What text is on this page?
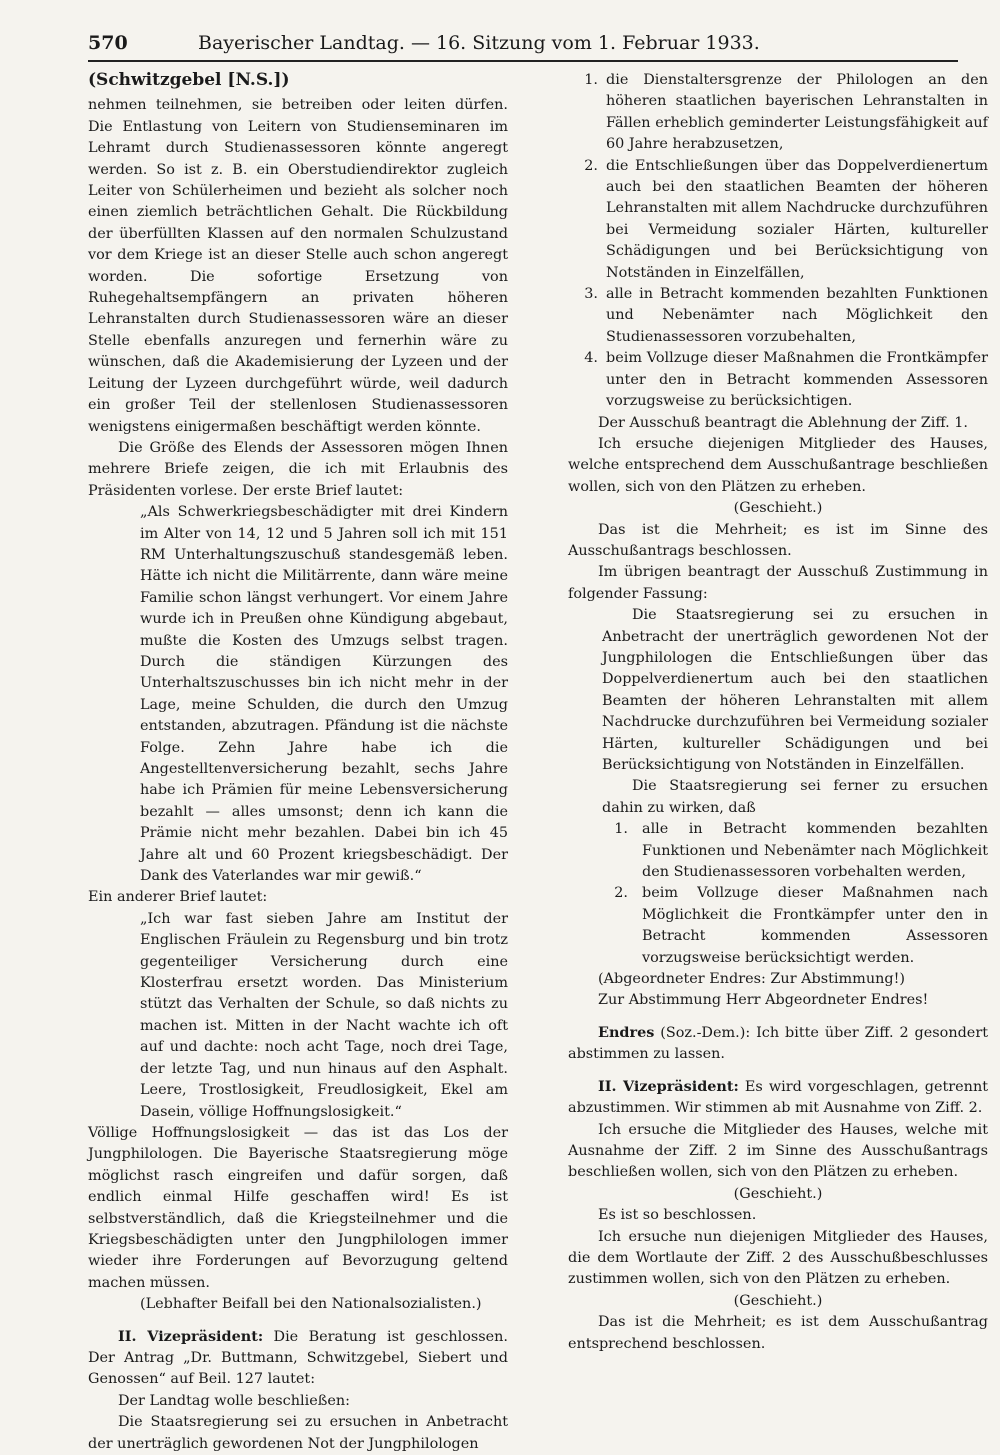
570	Bayerischer Landtag. — 16. Sitzung vom 1. Februar 1933.
(Schwitzgebel [N.S.])

nehmen teilnehmen, sie betreiben oder leiten dürfen. Die Entlastung von Leitern von Studienseminaren im Lehramt durch Studienassessoren könnte angeregt werden. So ist z. B. ein Oberstudiendirektor zugleich Leiter von Schülerheimen und bezieht als solcher noch einen ziemlich beträchtlichen Gehalt. Die Rückbildung der überfüllten Klassen auf den normalen Schulzustand vor dem Kriege ist an dieser Stelle auch schon angeregt worden. Die sofortige Ersetzung von Ruhegehaltsempfängern an privaten höheren Lehranstalten durch Studienassessoren wäre an dieser Stelle ebenfalls anzuregen und fernerhin wäre zu wünschen, daß die Akademisierung der Lyzeen und der Leitung der Lyzeen durchgeführt würde, weil dadurch ein großer Teil der stellenlosen Studienassessoren wenigstens einigermaßen beschäftigt werden könnte.

Die Größe des Elends der Assessoren mögen Ihnen mehrere Briefe zeigen, die ich mit Erlaubnis des Präsidenten vorlese. Der erste Brief lautet:

„Als Schwerkriegsbeschädigter mit drei Kindern im Alter von 14, 12 und 5 Jahren soll ich mit 151 RM Unterhaltungszuschuß standesgemäß leben. Hätte ich nicht die Militärrente, dann wäre meine Familie schon längst verhungert. Vor einem Jahre wurde ich in Preußen ohne Kündigung abgebaut, mußte die Kosten des Umzugs selbst tragen. Durch die ständigen Kürzungen des Unterhaltszuschusses bin ich nicht mehr in der Lage, meine Schulden, die durch den Umzug entstanden, abzutragen. Pfändung ist die nächste Folge. Zehn Jahre habe ich die Angestelltenversicherung bezahlt, sechs Jahre habe ich Prämien für meine Lebensversicherung bezahlt — alles umsonst; denn ich kann die Prämie nicht mehr bezahlen. Dabei bin ich 45 Jahre alt und 60 Prozent kriegsbeschädigt. Der Dank des Vaterlandes war mir gewiß.“

Ein anderer Brief lautet:

„Ich war fast sieben Jahre am Institut der Englischen Fräulein zu Regensburg und bin trotz gegenteiliger Versicherung durch eine Klosterfrau ersetzt worden. Das Ministerium stützt das Verhalten der Schule, so daß nichts zu machen ist. Mitten in der Nacht wachte ich oft auf und dachte: noch acht Tage, noch drei Tage, der letzte Tag, und nun hinaus auf den Asphalt. Leere, Trostlosigkeit, Freudlosigkeit, Ekel am Dasein, völlige Hoffnungslosigkeit.“

Völlige Hoffnungslosigkeit — das ist das Los der Jungphilologen. Die Bayerische Staatsregierung möge möglichst rasch eingreifen und dafür sorgen, daß endlich einmal Hilfe geschaffen wird! Es ist selbstverständlich, daß die Kriegsteilnehmer und die Kriegsbeschädigten unter den Jungphilologen immer wieder ihre Forderungen auf Bevorzugung geltend machen müssen.

(Lebhafter Beifall bei den Nationalsozialisten.)

II. Vizepräsident: Die Beratung ist geschlossen. Der Antrag „Dr. Buttmann, Schwitzgebel, Siebert und Genossen“ auf Beil. 127 lautet:

Der Landtag wolle beschließen:

Die Staatsregierung sei zu ersuchen in Anbetracht der unerträglich gewordenen Not der Jungphilologen

1. die Dienstaltersgrenze der Philologen an den höheren staatlichen bayerischen Lehranstalten in Fällen erheblich geminderter Leistungsfähigkeit auf 60 Jahre herabzusetzen,
2. die Entschließungen über das Doppelverdienertum auch bei den staatlichen Beamten der höheren Lehranstalten mit allem Nachdrucke durchzuführen bei Vermeidung sozialer Härten, kultureller Schädigungen und bei Berücksichtigung von Notständen in Einzelfällen,
3. alle in Betracht kommenden bezahlten Funktionen und Nebenämter nach Möglichkeit den Studienassessoren vorzubehalten,
4. beim Vollzuge dieser Maßnahmen die Frontkämpfer unter den in Betracht kommenden Assessoren vorzugsweise zu berücksichtigen.

Der Ausschuß beantragt die Ablehnung der Ziff. 1.

Ich ersuche diejenigen Mitglieder des Hauses, welche entsprechend dem Ausschußantrage beschließen wollen, sich von den Plätzen zu erheben.

(Geschieht.)

Das ist die Mehrheit; es ist im Sinne des Ausschußantrags beschlossen.

Im übrigen beantragt der Ausschuß Zustimmung in folgender Fassung:

Die Staatsregierung sei zu ersuchen in Anbetracht der unerträglich gewordenen Not der Jungphilologen die Entschließungen über das Doppelverdienertum auch bei den staatlichen Beamten der höheren Lehranstalten mit allem Nachdrucke durchzuführen bei Vermeidung sozialer Härten, kultureller Schädigungen und bei Berücksichtigung von Notständen in Einzelfällen.

Die Staatsregierung sei ferner zu ersuchen dahin zu wirken, daß

1. alle in Betracht kommenden bezahlten Funktionen und Nebenämter nach Möglichkeit den Studienassessoren vorbehalten werden,
2. beim Vollzuge dieser Maßnahmen nach Möglichkeit die Frontkämpfer unter den in Betracht kommenden Assessoren vorzugsweise berücksichtigt werden.

(Abgeordneter Endres: Zur Abstimmung!)

Zur Abstimmung Herr Abgeordneter Endres!

Endres (Soz.-Dem.): Ich bitte über Ziff. 2 gesondert abstimmen zu lassen.

II. Vizepräsident: Es wird vorgeschlagen, getrennt abzustimmen. Wir stimmen ab mit Ausnahme von Ziff. 2.

Ich ersuche die Mitglieder des Hauses, welche mit Ausnahme der Ziff. 2 im Sinne des Ausschußantrags beschließen wollen, sich von den Plätzen zu erheben.

(Geschieht.)

Es ist so beschlossen.

Ich ersuche nun diejenigen Mitglieder des Hauses, die dem Wortlaute der Ziff. 2 des Ausschußbeschlusses zustimmen wollen, sich von den Plätzen zu erheben.

(Geschieht.)

Das ist die Mehrheit; es ist dem Ausschußantrag entsprechend beschlossen.
